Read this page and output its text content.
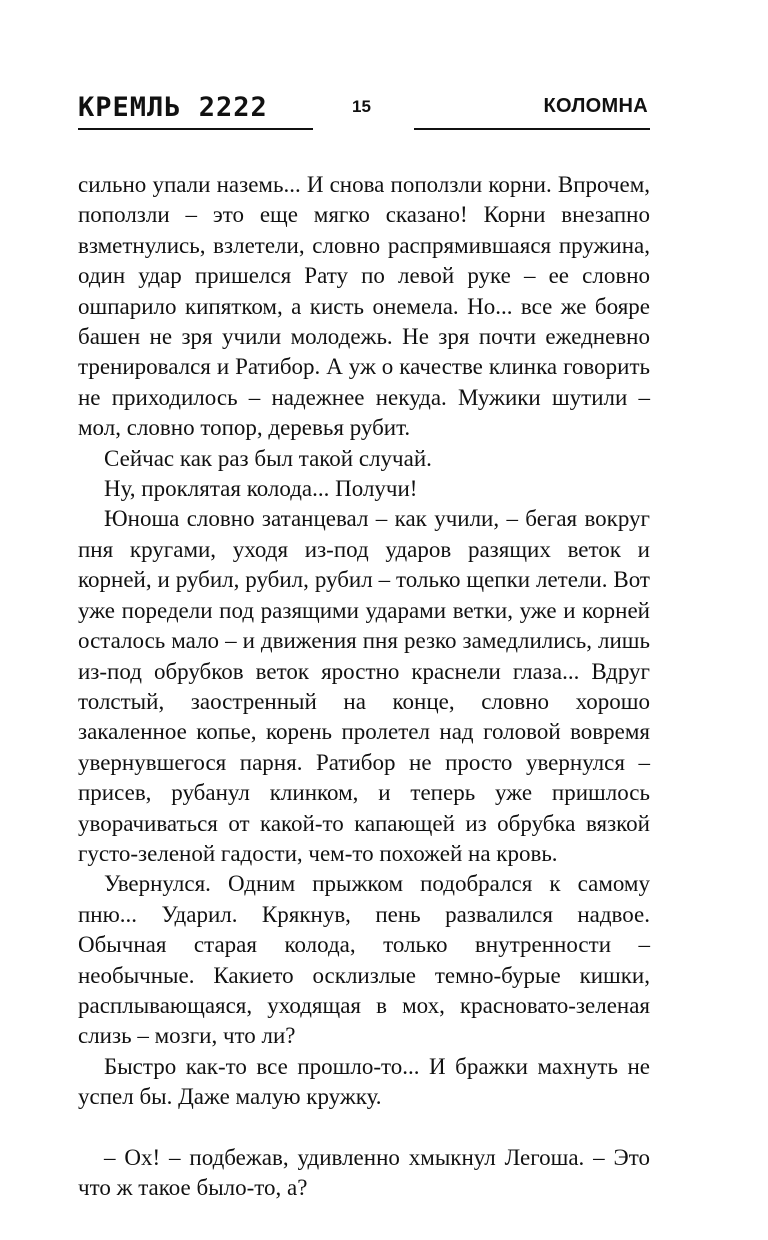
КРЕМЛЬ 2222	15	КОЛОМНА

сильно упали наземь... И снова поползли корни. Впрочем, поползли – это еще мягко сказано! Корни внезапно взметнулись, взлетели, словно распрямившаяся пружина, один удар пришелся Рату по левой руке – ее словно ошпарило кипятком, а кисть онемела. Но... все же бояре башен не зря учили молодежь. Не зря почти ежедневно тренировался и Ратибор. А уж о качестве клинка говорить не приходилось – надежнее некуда. Мужики шутили – мол, словно топор, деревья рубит.

Сейчас как раз был такой случай.

Ну, проклятая колода... Получи!

Юноша словно затанцевал – как учили, – бегая вокруг пня кругами, уходя из-под ударов разящих веток и корней, и рубил, рубил, рубил – только щепки летели. Вот уже поредели под разящими ударами ветки, уже и корней осталось мало – и движения пня резко замедлились, лишь из-под обрубков веток яростно краснели глаза... Вдруг толстый, заостренный на конце, словно хорошо закаленное копье, корень пролетел над головой вовремя увернувшегося парня. Ратибор не просто увернулся – присев, рубанул клинком, и теперь уже пришлось уворачиваться от какой-то капающей из обрубка вязкой густо-зеленой гадости, чем-то похожей на кровь.

Увернулся. Одним прыжком подобрался к самому пню... Ударил. Крякнув, пень развалился надвое. Обычная старая колода, только внутренности – необычные. Какието осклизлые темно-бурые кишки, расплывающаяся, уходящая в мох, красновато-зеленая слизь – мозги, что ли?

Быстро как-то все прошло-то... И бражки махнуть не успел бы. Даже малую кружку.

– Ох! – подбежав, удивленно хмыкнул Легоша. – Это что ж такое было-то, а?
